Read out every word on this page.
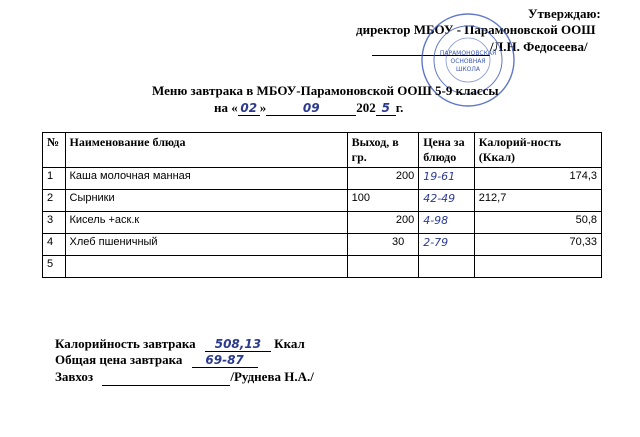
Утверждаю:
директор МБОУ - Парамоновской ООШ
/Л.Н. Федосеева/
ПАРАМОНОВСКАЯ
ОСНОВНАЯ
ШКОЛА
Меню завтрака в МБОУ-Парамоновской ООШ 5-9 классы
на « 02 »	09	202 5 г.
№	Наименование блюда	Выход, в гр.	Цена за блюдо	Калорий-ность (Ккал)
1	Каша молочная манная	200	19-61	174,3
2	Сырники	100	42-49	212,7
3	Кисель +аск.к	200	4-98	50,8
4	Хлеб пшеничный	30	2-79	70,33
5				
Калорийность завтрака 508,13 Ккал
Общая цена завтрака 69-87
Завхоз	/Руднева Н.А./
